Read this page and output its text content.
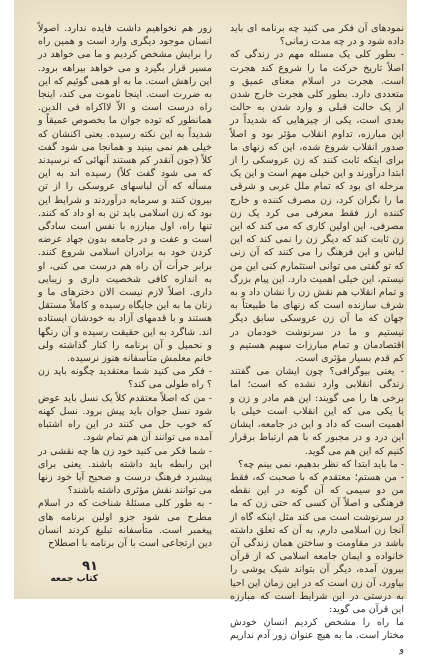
نمودهای آن فکر می کنید چه برنامه ای باید داده شود و در چه مدت زمانی؟

- بطور کلی یک مسئله مهم در زندگی که اصلاً تاریخ حرکت ما را شروع کند هجرت است. هجرت در اسلام معنای عمیق و متعددی دارد. بطور کلی هجرت خارج شدن از یک حالت قبلی و وارد شدن به حالت بعدی است، یکی از چیزهایی که شدیداً در این مبارزه، تداوم انقلاب مؤثر بود و اصلاً صدور انقلاب شروع شده، این که زنهای ما برای اینکه ثابت کنند که زن عروسکی را از ابتدا درآورند و این خیلی مهم است و این یک مرحله ای بود که تمام ملل غربی و شرقی ما را نگران کرد، زن مصرف کننده و خارج کننده ارز فقط معرفی می کرد یک زن مصرفی، این اولین کاری که می کند که این زن ثابت کند که دیگر زن را نمی کند که این لباس و این فرهنگ را می کنند که آن زنی که تو گفتی می توانی استثمارم کنی این من نیستم، این خیلی اهمیت دارد. این پیام بزرگ و تمام انقلاب هم نقش زن را نشان داد و به شرف سازنده است که زنهای ما طبیعتاً به جهان که ما آن زن عروسکی سابق دیگر نیستیم و ما در سرنوشت خودمان در اقتصادمان و تمام مبارزات سهیم هستیم و کم قدم بسیار مؤثری است.

- یعنی بیوگرافی؟ چون ایشان می گفتند زندگی انقلابی وارد نشده که است؛ اما برخی ها را می گویند: این هم مادر و زن و یا یکی می که این انقلاب است خیلی با اهمیت است که داد و این در جامعه، ایشان این درد و در مجبور که با هم ارتباط برقرار کنیم که این هم می گوید.

- ما باید ابتدا که نظر بدهیم، نمی بینم چه؟

- من هستم؛ معتقدم که با صحبت که، فقط من دو سیمی که آن گونه در این نقطه فرهنگی و اصلاً آن کسی که حتی زن که ما در سرنوشت است می کند مثل اینکه گاه از آنجا زن اسلامی دارم، به آن که تعلق داشته باشد در مقاومت و ساختن همان زندگی آن خانواده و ایمان جامعه اسلامی که از قرآن بیرون آمده، دیگر آن بتواند شیک پوشی را بیاورد، آن زن است که در این زمان این احیا به درستی در این شرایط است که مبارزه این قرآن می گوید:

ما راه را مشخص کردیم انسان خودش مختار است. ما به هیچ عنوان زور آدم نداریم و

زور هم نخواهیم داشت فایده ندارد. اصولاً انسان موجود دیگری وارد است و همین راه را برایش مشخص کردیم و ما می خواهد در مسیر قرار بگیرد و می خواهد بیراهه برود. این راهش است. ما به او همی گوئیم که این به ضررت است. اینجا ناموت می کند، اینجا راه درست است و الاّ لااکراه فی الدین. همانطور که توده جوان ما بخصوص عمیقاً و شدیداً به این نکته رسیده. یعنی اکنشان که خیلی هم نمی بینید و همانجا می شود گفت کلاً (جون آنقدر کم هستند آنهائی که نرسیدند که می شود گفت کلاً) رسیده اند به این مسأله که آن لباسهای عروسکی را از تن بیرون کنند و سرمایه درآوردند و شرایط این بود که زن اسلامی باید تن به او داد که کنند. تنها راه، اول مبارزه با نفس است سادگی است و عفت و در جامعه بدون جهاد عرضه کردن خود به برادران اسلامی شروع کنند. برابر جرأت آن راه هم درست می کنی، او به اندازه کافی شخصیت داری و زیبایی داری. اصلاً لازم نیست الان دخترهای ما و زنان ما به این جایگاه رسیده و کاملاً مستقل هستند و با قدمهای آزاد به خودشان ایستاده اند. شاگرد به این حقیقت رسیده و آن رنگها و نحمیل و آن برنامه را کنار گذاشته ولی خانم معلمش متأسفانه هنوز نرسیده.

- فکر می کنید شما معتقدید چگونه باید زن ؟ راه طولی می کند؟

- من که اصلاً معتقدم کلاً یک نسل باید عوض شود نسل جوان باید پیش برود. نسل کهنه که خوب حل می کنند در این راه اشتباه آمده می توانند آن هم تمام شود.

- شما فکر می کنید خود زن ها چه نقشی در این رابطه باید داشته باشند. یعنی برای پیشبرد فرهنگ درست و صحیح آیا خود زنها می توانند نقش مؤثری داشته باشند؟

- به طور کلی مسئلهٔ شناخت که در اسلام مطرح می شود جزو اولین برنامه های پیغمبر است. متأسفانه تبلیغ کردند انسان دین ارتجاعی است با آن برنامه با اصطلاح

۹۱
کتاب جمعه
